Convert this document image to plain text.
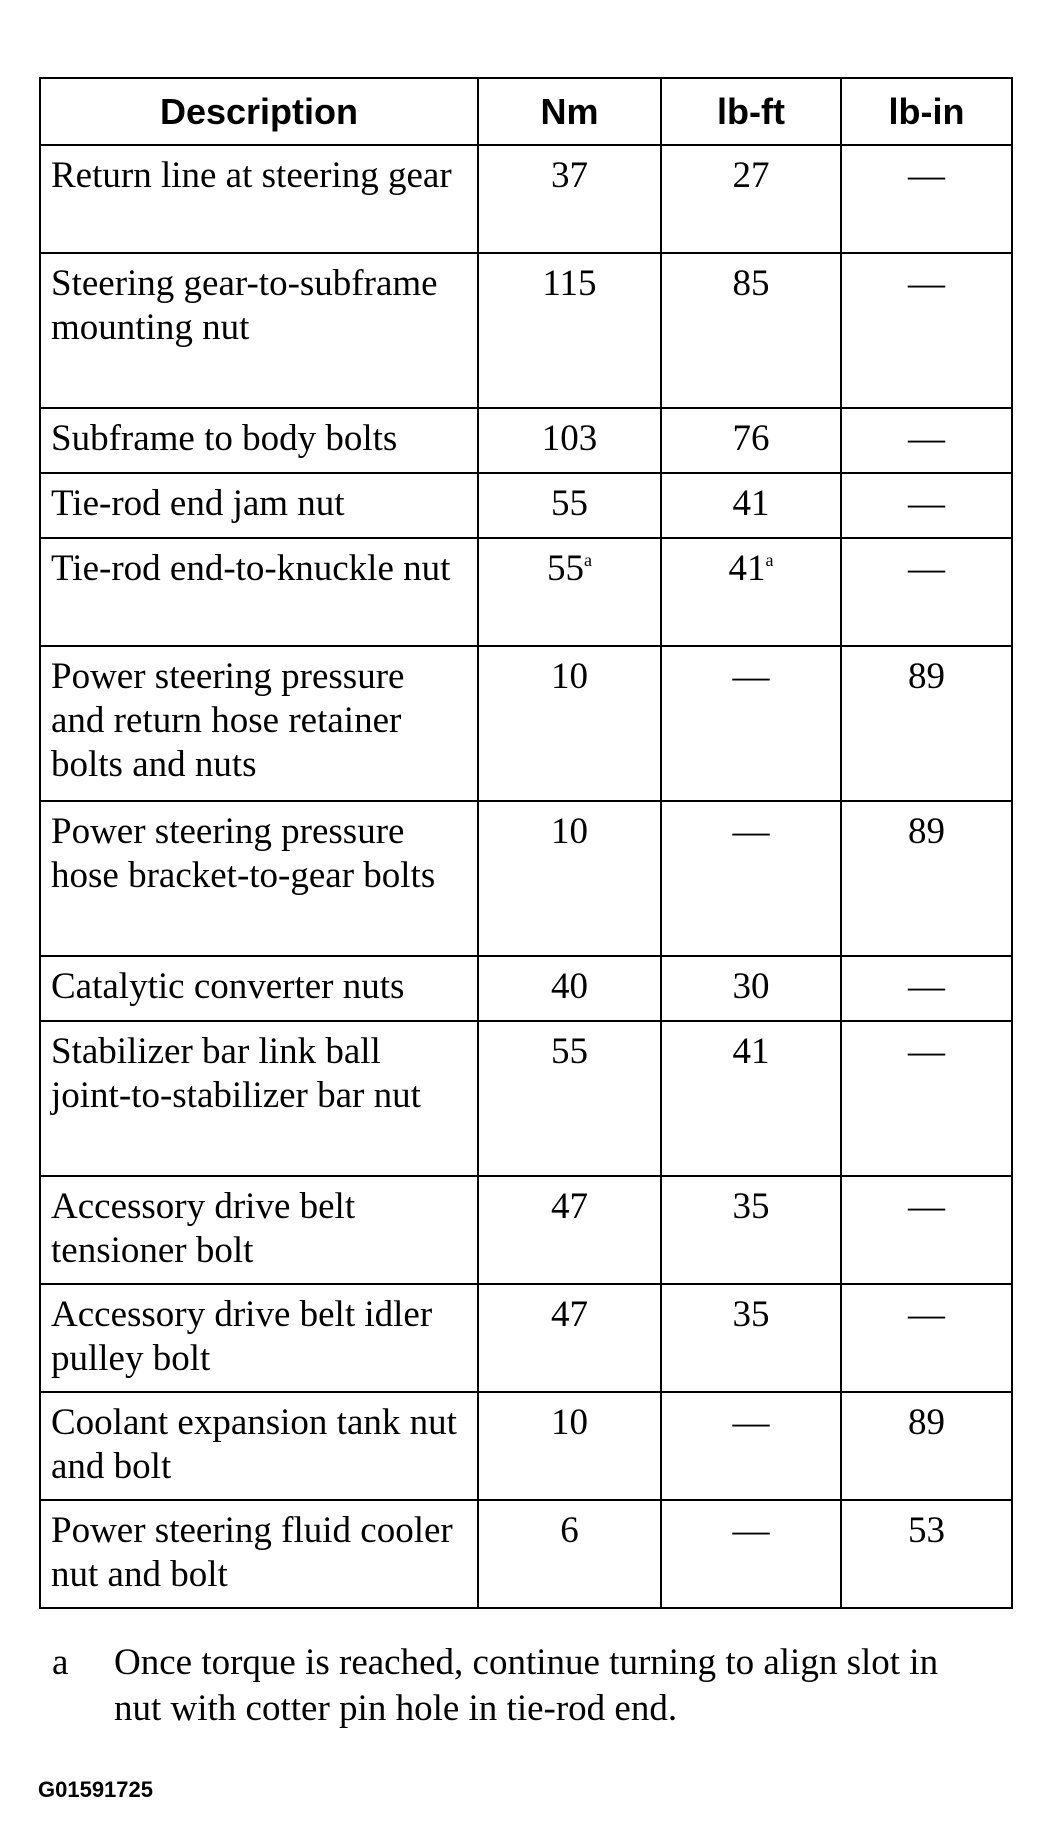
Description	Nm	lb-ft	lb-in
Return line at steering gear	37	27	—
Steering gear-to-subframe mounting nut	115	85	—
Subframe to body bolts	103	76	—
Tie-rod end jam nut	55	41	—
Tie-rod end-to-knuckle nut	55$^a$	41$^a$	—
Power steering pressure and return hose retainer bolts and nuts	10	—	89
Power steering pressure hose bracket-to-gear bolts	10	—	89
Catalytic converter nuts	40	30	—
Stabilizer bar link ball joint-to-stabilizer bar nut	55	41	—
Accessory drive belt tensioner bolt	47	35	—
Accessory drive belt idler pulley bolt	47	35	—
Coolant expansion tank nut and bolt	10	—	89
Power steering fluid cooler nut and bolt	6	—	53
a Once torque is reached, continue turning to align slot in nut with cotter pin hole in tie-rod end.
G01591725
